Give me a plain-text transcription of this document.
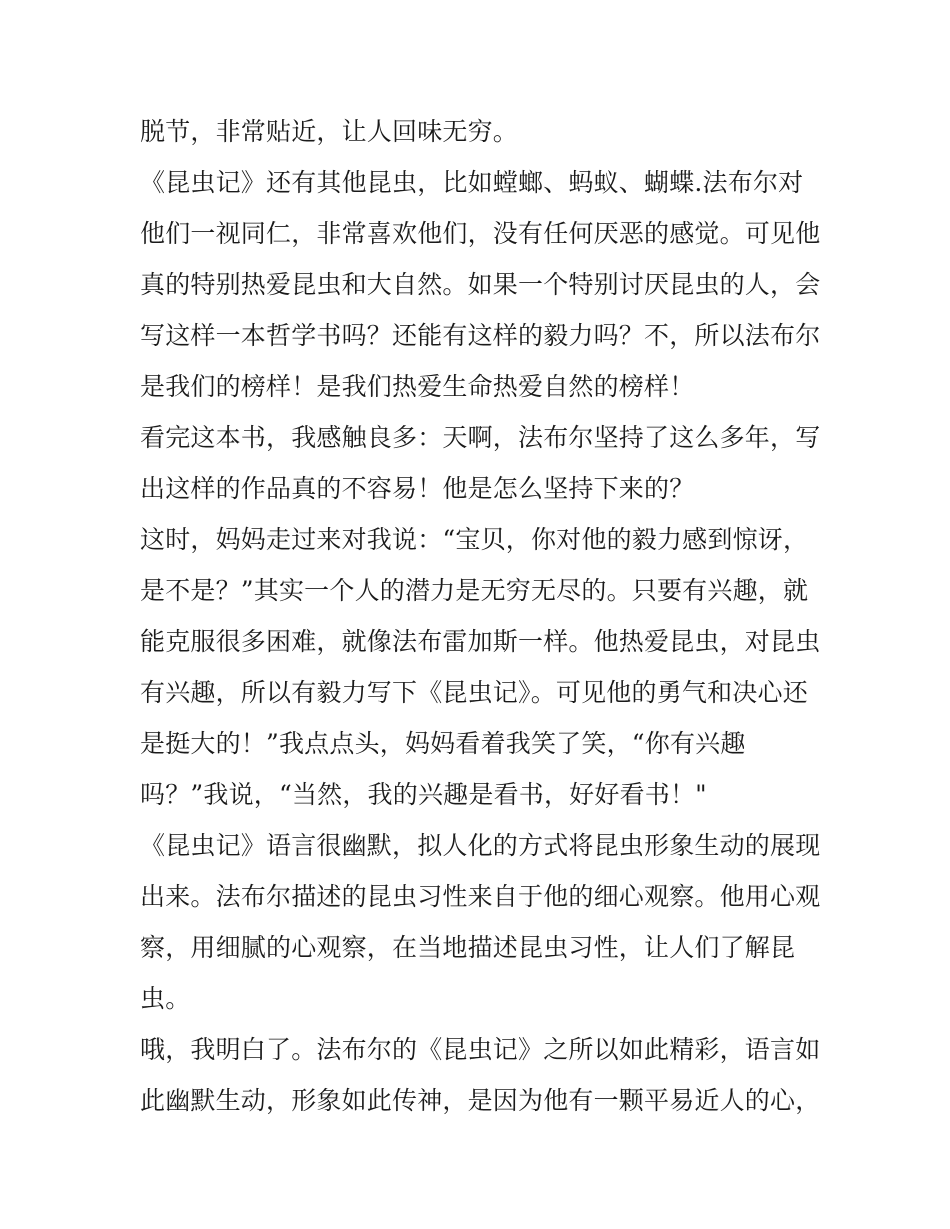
脱节，非常贴近，让人回味无穷。
《昆虫记》还有其他昆虫，比如螳螂、蚂蚁、蝴蝶.法布尔对
他们一视同仁，非常喜欢他们，没有任何厌恶的感觉。可见他
真的特别热爱昆虫和大自然。如果一个特别讨厌昆虫的人，会
写这样一本哲学书吗？还能有这样的毅力吗？不，所以法布尔
是我们的榜样！是我们热爱生命热爱自然的榜样！
看完这本书，我感触良多：天啊，法布尔坚持了这么多年，写
出这样的作品真的不容易！他是怎么坚持下来的？
这时，妈妈走过来对我说：“宝贝，你对他的毅力感到惊讶，
是不是？”其实一个人的潜力是无穷无尽的。只要有兴趣，就
能克服很多困难，就像法布雷加斯一样。他热爱昆虫，对昆虫
有兴趣，所以有毅力写下《昆虫记》。可见他的勇气和决心还
是挺大的！”我点点头，妈妈看着我笑了笑，“你有兴趣
吗？”我说，“当然，我的兴趣是看书，好好看书！"
《昆虫记》语言很幽默，拟人化的方式将昆虫形象生动的展现
出来。法布尔描述的昆虫习性来自于他的细心观察。他用心观
察，用细腻的心观察，在当地描述昆虫习性，让人们了解昆
虫。
哦，我明白了。法布尔的《昆虫记》之所以如此精彩，语言如
此幽默生动，形象如此传神，是因为他有一颗平易近人的心，
